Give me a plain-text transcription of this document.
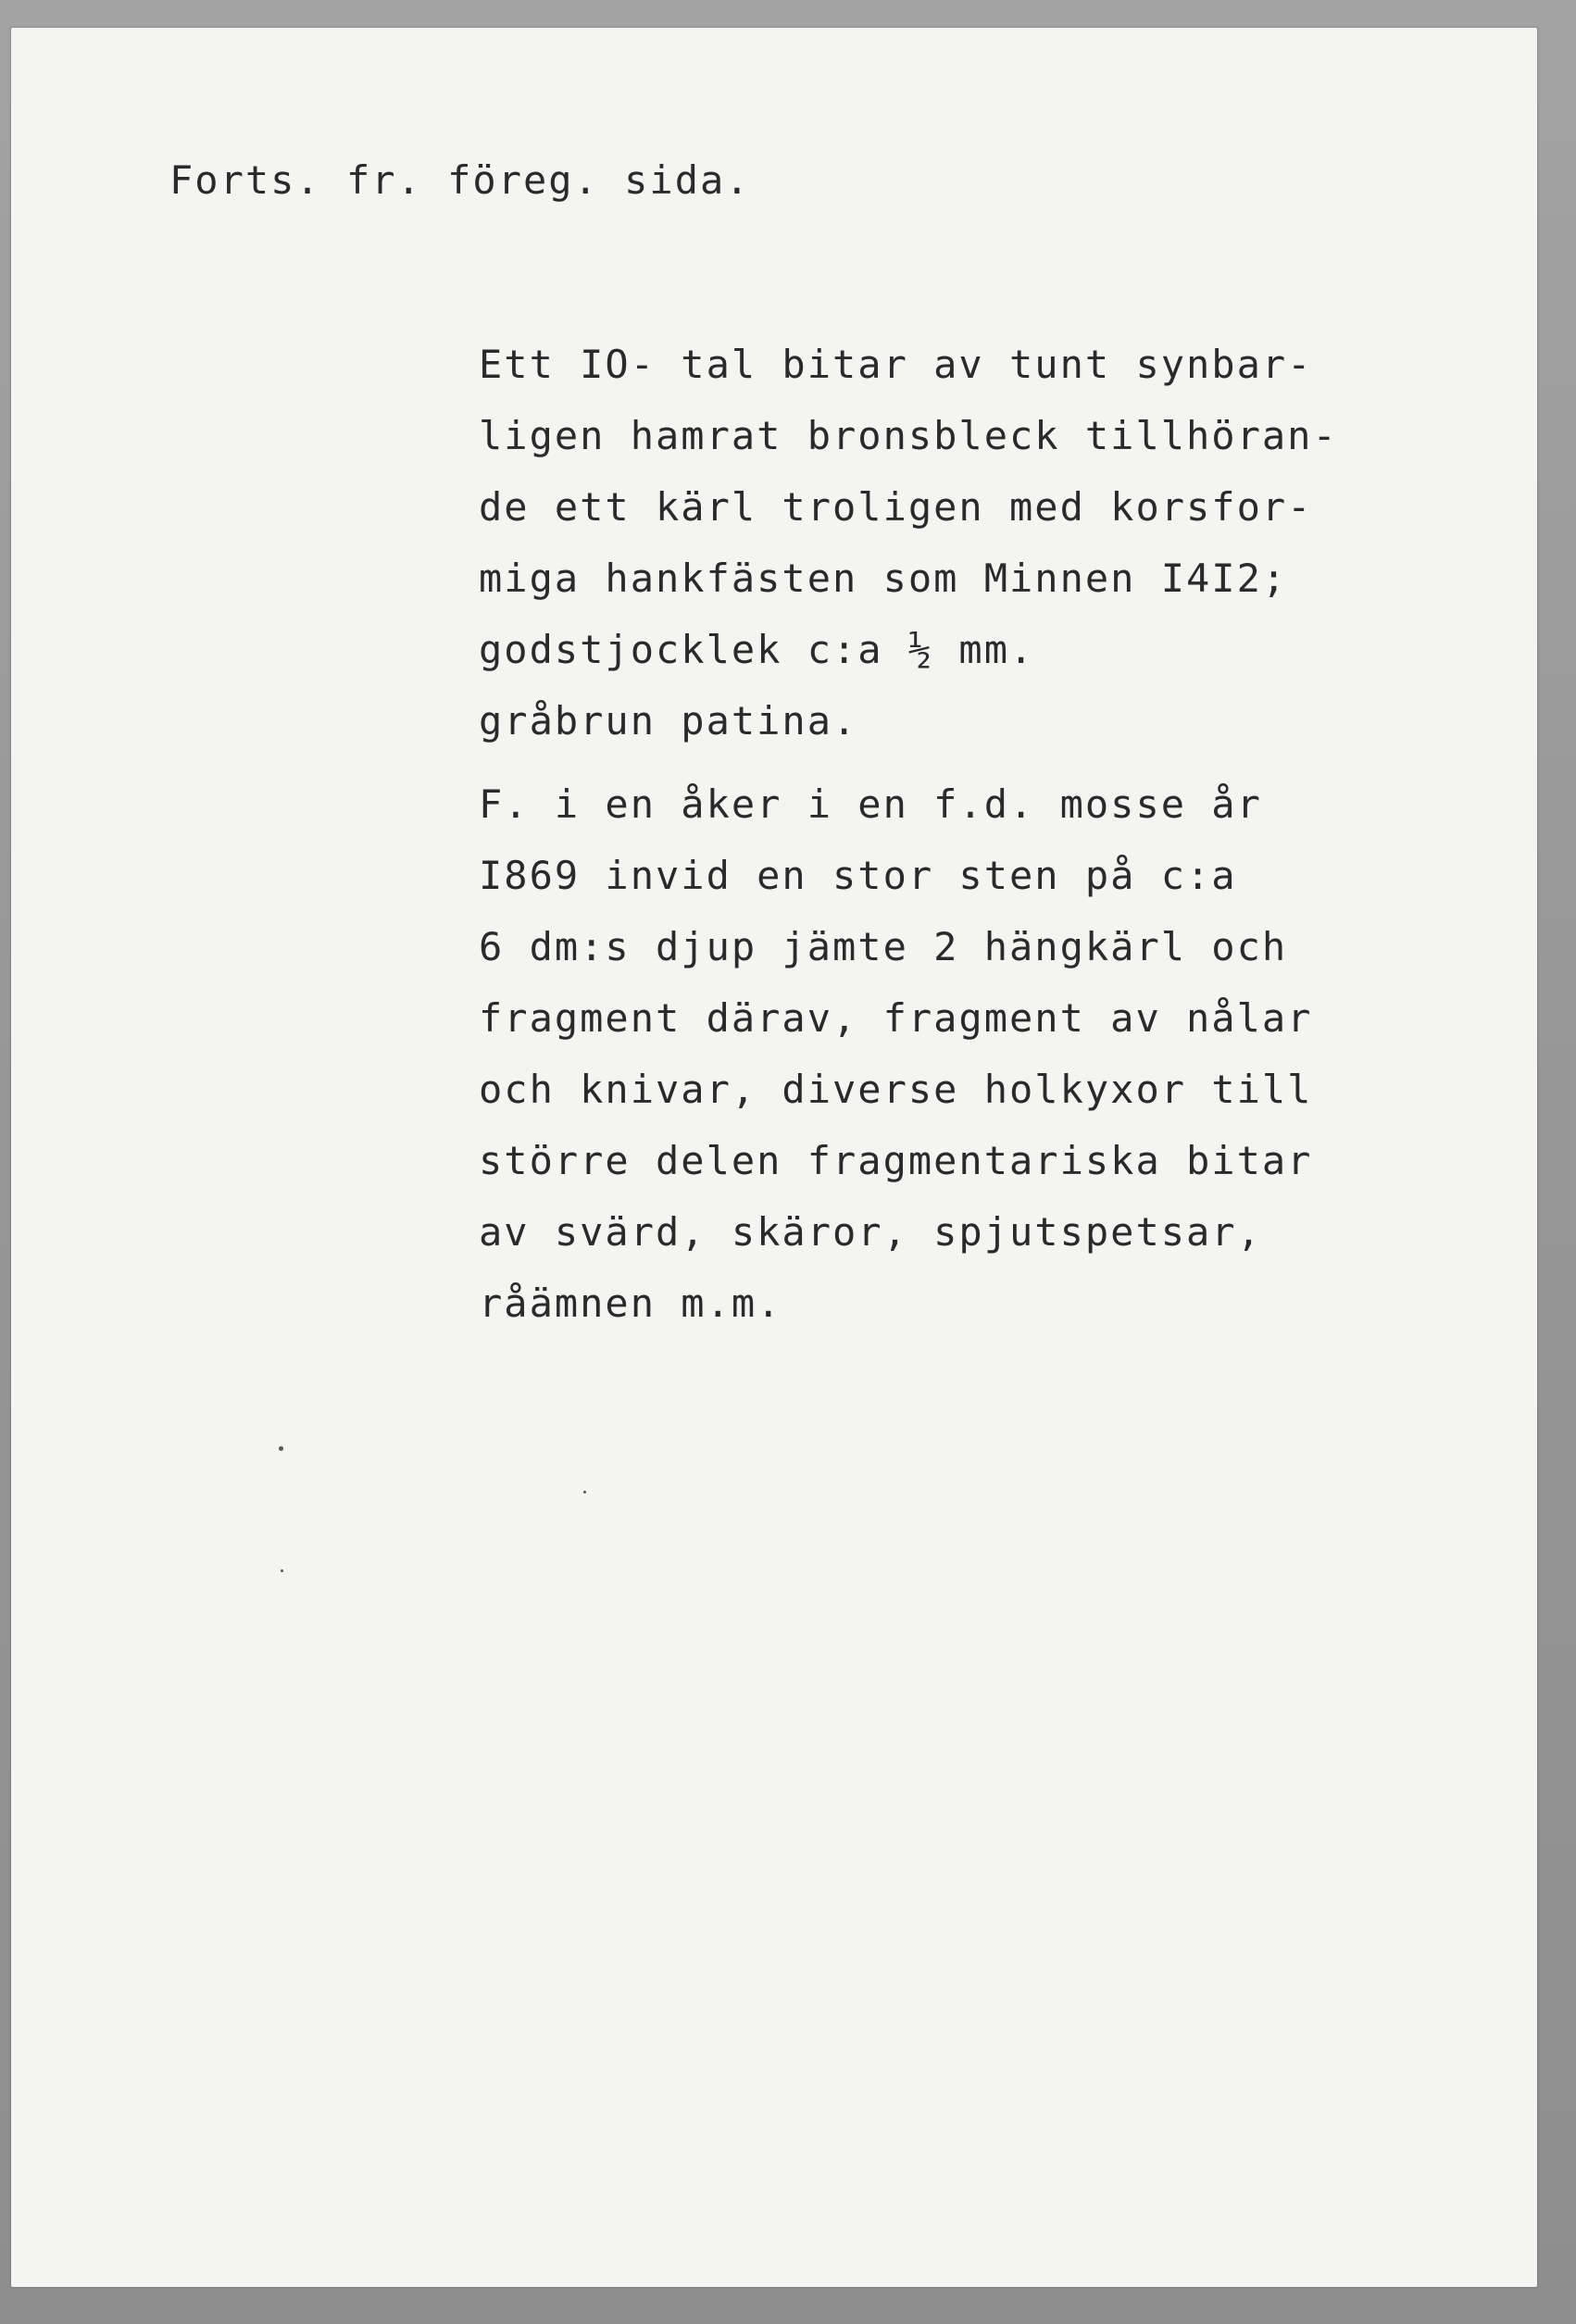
Forts. fr. föreg. sida.

Ett IO- tal bitar av tunt synbar-
ligen hamrat bronsbleck tillhöran-
de ett kärl troligen med korsfor-
miga hankfästen som Minnen I4I2;
godstjocklek c:a ½ mm.
gråbrun patina.
F. i en åker i en f.d. mosse år
I869 invid en stor sten på c:a
6 dm:s djup jämte 2 hängkärl och
fragment därav, fragment av nålar
och knivar, diverse holkyxor till
större delen fragmentariska bitar
av svärd, skäror, spjutspetsar,
råämnen m.m.
